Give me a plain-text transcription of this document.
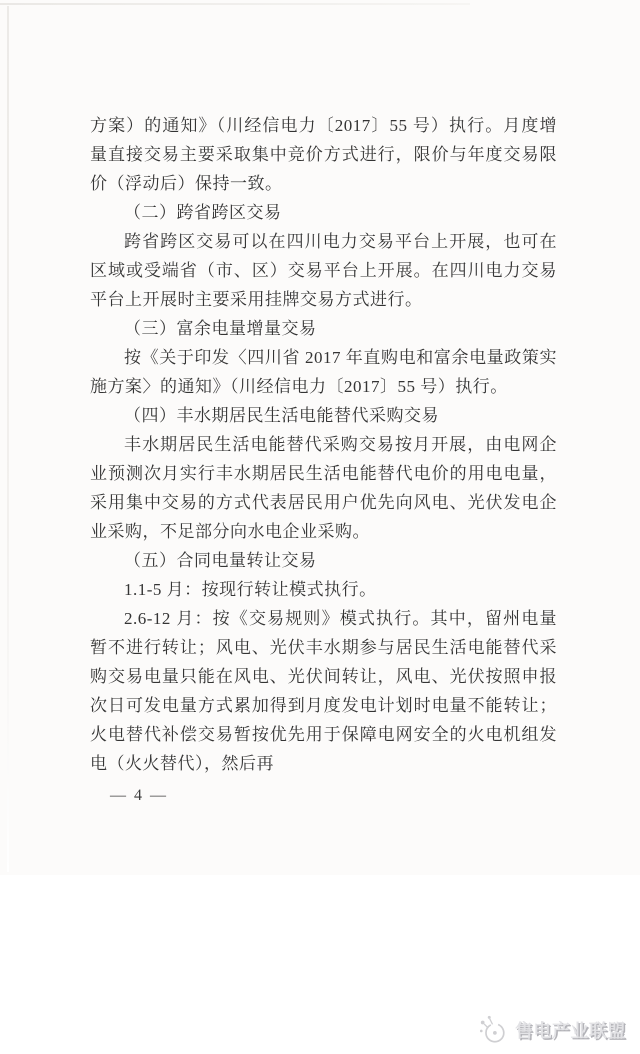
方案）的通知》（川经信电力〔2017〕55 号）执行。月度增量直接交易主要采取集中竞价方式进行，限价与年度交易限价（浮动后）保持一致。

（二）跨省跨区交易

跨省跨区交易可以在四川电力交易平台上开展，也可在区域或受端省（市、区）交易平台上开展。在四川电力交易平台上开展时主要采用挂牌交易方式进行。

（三）富余电量增量交易

按《关于印发〈四川省 2017 年直购电和富余电量政策实施方案〉的通知》（川经信电力〔2017〕55 号）执行。

（四）丰水期居民生活电能替代采购交易

丰水期居民生活电能替代采购交易按月开展，由电网企业预测次月实行丰水期居民生活电能替代电价的用电电量，采用集中交易的方式代表居民用户优先向风电、光伏发电企业采购，不足部分向水电企业采购。

（五）合同电量转让交易

1.1-5 月：按现行转让模式执行。

2.6-12 月：按《交易规则》模式执行。其中，留州电量暂不进行转让；风电、光伏丰水期参与居民生活电能替代采购交易电量只能在风电、光伏间转让，风电、光伏按照申报次日可发电量方式累加得到月度发电计划时电量不能转让；火电替代补偿交易暂按优先用于保障电网安全的火电机组发电（火火替代），然后再

— 4 —
售电产业联盟
